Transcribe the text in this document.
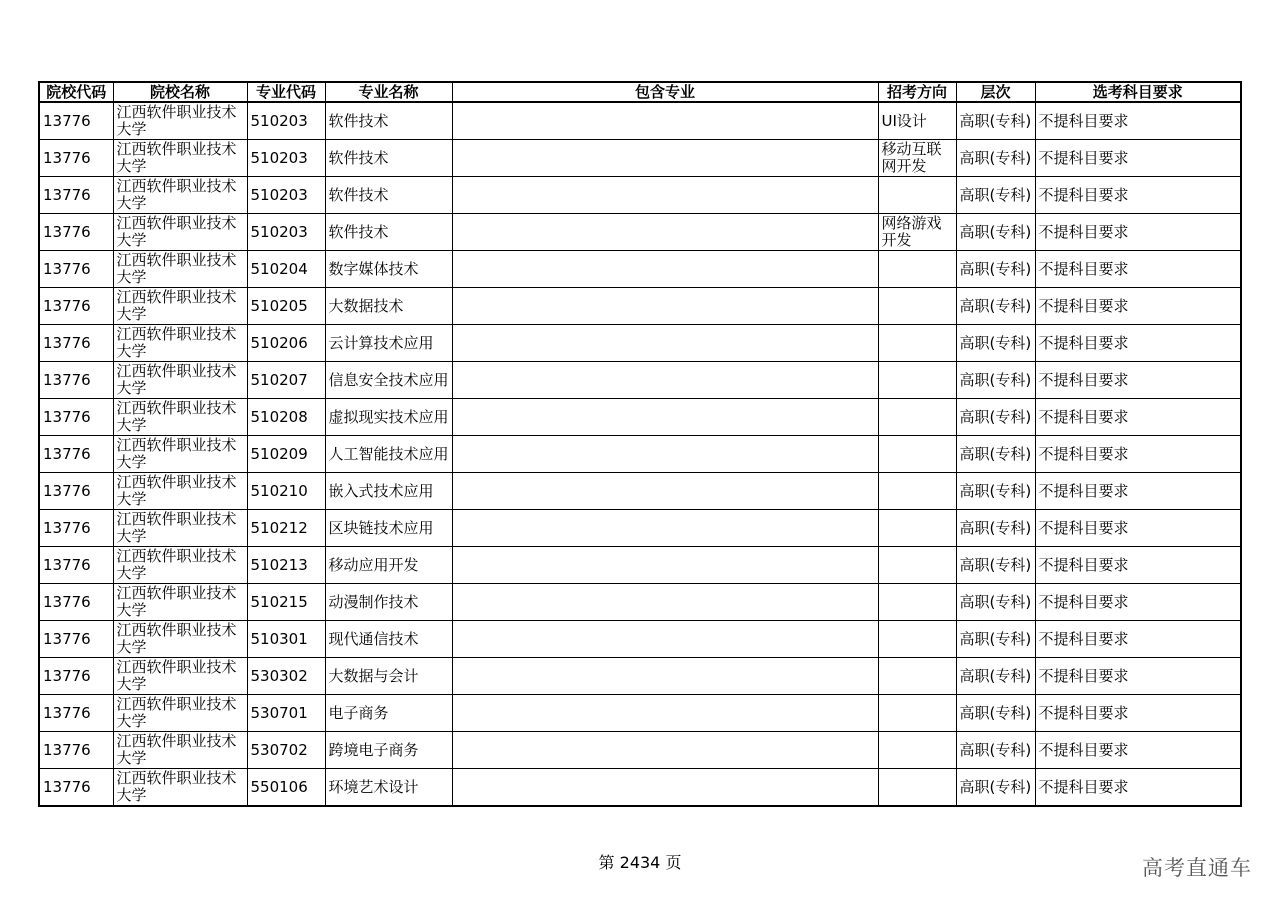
院校代码	院校名称	专业代码	专业名称	包含专业	招考方向	层次	选考科目要求
13776	江西软件职业技术大学	510203	软件技术		UI设计	高职(专科)	不提科目要求
13776	江西软件职业技术大学	510203	软件技术		移动互联网开发	高职(专科)	不提科目要求
13776	江西软件职业技术大学	510203	软件技术			高职(专科)	不提科目要求
13776	江西软件职业技术大学	510203	软件技术		网络游戏开发	高职(专科)	不提科目要求
13776	江西软件职业技术大学	510204	数字媒体技术			高职(专科)	不提科目要求
13776	江西软件职业技术大学	510205	大数据技术			高职(专科)	不提科目要求
13776	江西软件职业技术大学	510206	云计算技术应用			高职(专科)	不提科目要求
13776	江西软件职业技术大学	510207	信息安全技术应用			高职(专科)	不提科目要求
13776	江西软件职业技术大学	510208	虚拟现实技术应用			高职(专科)	不提科目要求
13776	江西软件职业技术大学	510209	人工智能技术应用			高职(专科)	不提科目要求
13776	江西软件职业技术大学	510210	嵌入式技术应用			高职(专科)	不提科目要求
13776	江西软件职业技术大学	510212	区块链技术应用			高职(专科)	不提科目要求
13776	江西软件职业技术大学	510213	移动应用开发			高职(专科)	不提科目要求
13776	江西软件职业技术大学	510215	动漫制作技术			高职(专科)	不提科目要求
13776	江西软件职业技术大学	510301	现代通信技术			高职(专科)	不提科目要求
13776	江西软件职业技术大学	530302	大数据与会计			高职(专科)	不提科目要求
13776	江西软件职业技术大学	530701	电子商务			高职(专科)	不提科目要求
13776	江西软件职业技术大学	530702	跨境电子商务			高职(专科)	不提科目要求
13776	江西软件职业技术大学	550106	环境艺术设计			高职(专科)	不提科目要求
第 2434 页	高考直通车
